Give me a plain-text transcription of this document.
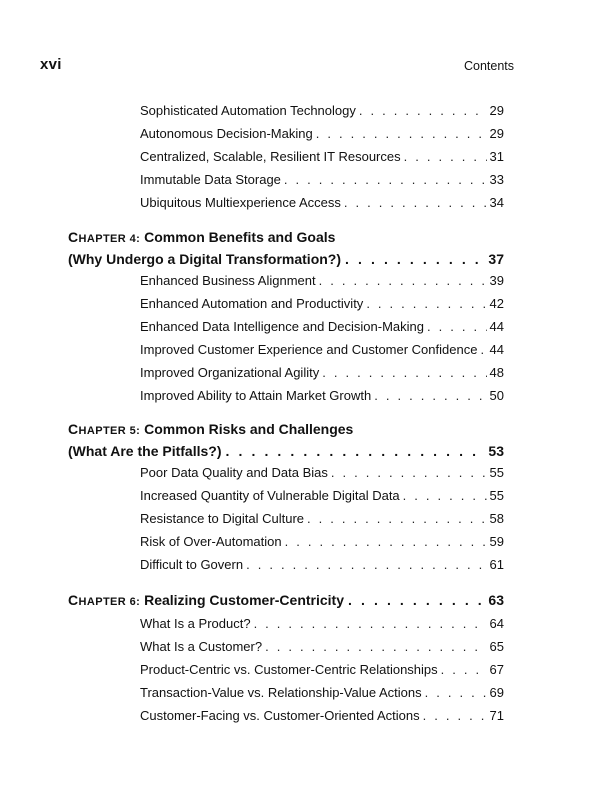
xvi	Contents
Sophisticated Automation Technology . . .	29
Autonomous Decision-Making . . .	29
Centralized, Scalable, Resilient IT Resources . . .	31
Immutable Data Storage . . .	33
Ubiquitous Multiexperience Access . . .	34
CHAPTER 4: Common Benefits and Goals
(Why Undergo a Digital Transformation?) . . .	37
Enhanced Business Alignment . . .	39
Enhanced Automation and Productivity . . .	42
Enhanced Data Intelligence and Decision-Making . . .	44
Improved Customer Experience and Customer Confidence . . . 44
Improved Organizational Agility . . .	48
Improved Ability to Attain Market Growth . . .	50
CHAPTER 5: Common Risks and Challenges
(What Are the Pitfalls?) . . .	53
Poor Data Quality and Data Bias . . .	55
Increased Quantity of Vulnerable Digital Data . . .	55
Resistance to Digital Culture . . .	58
Risk of Over-Automation . . .	59
Difficult to Govern . . .	61
CHAPTER 6:
Realizing Customer-Centricity . . .	63
What Is a Product? . . .	64
What Is a Customer? . . .	65
Product-Centric vs. Customer-Centric Relationships . . .	67
Transaction-Value vs. Relationship-Value Actions . . .	69
Customer-Facing vs. Customer-Oriented Actions . . .	71
